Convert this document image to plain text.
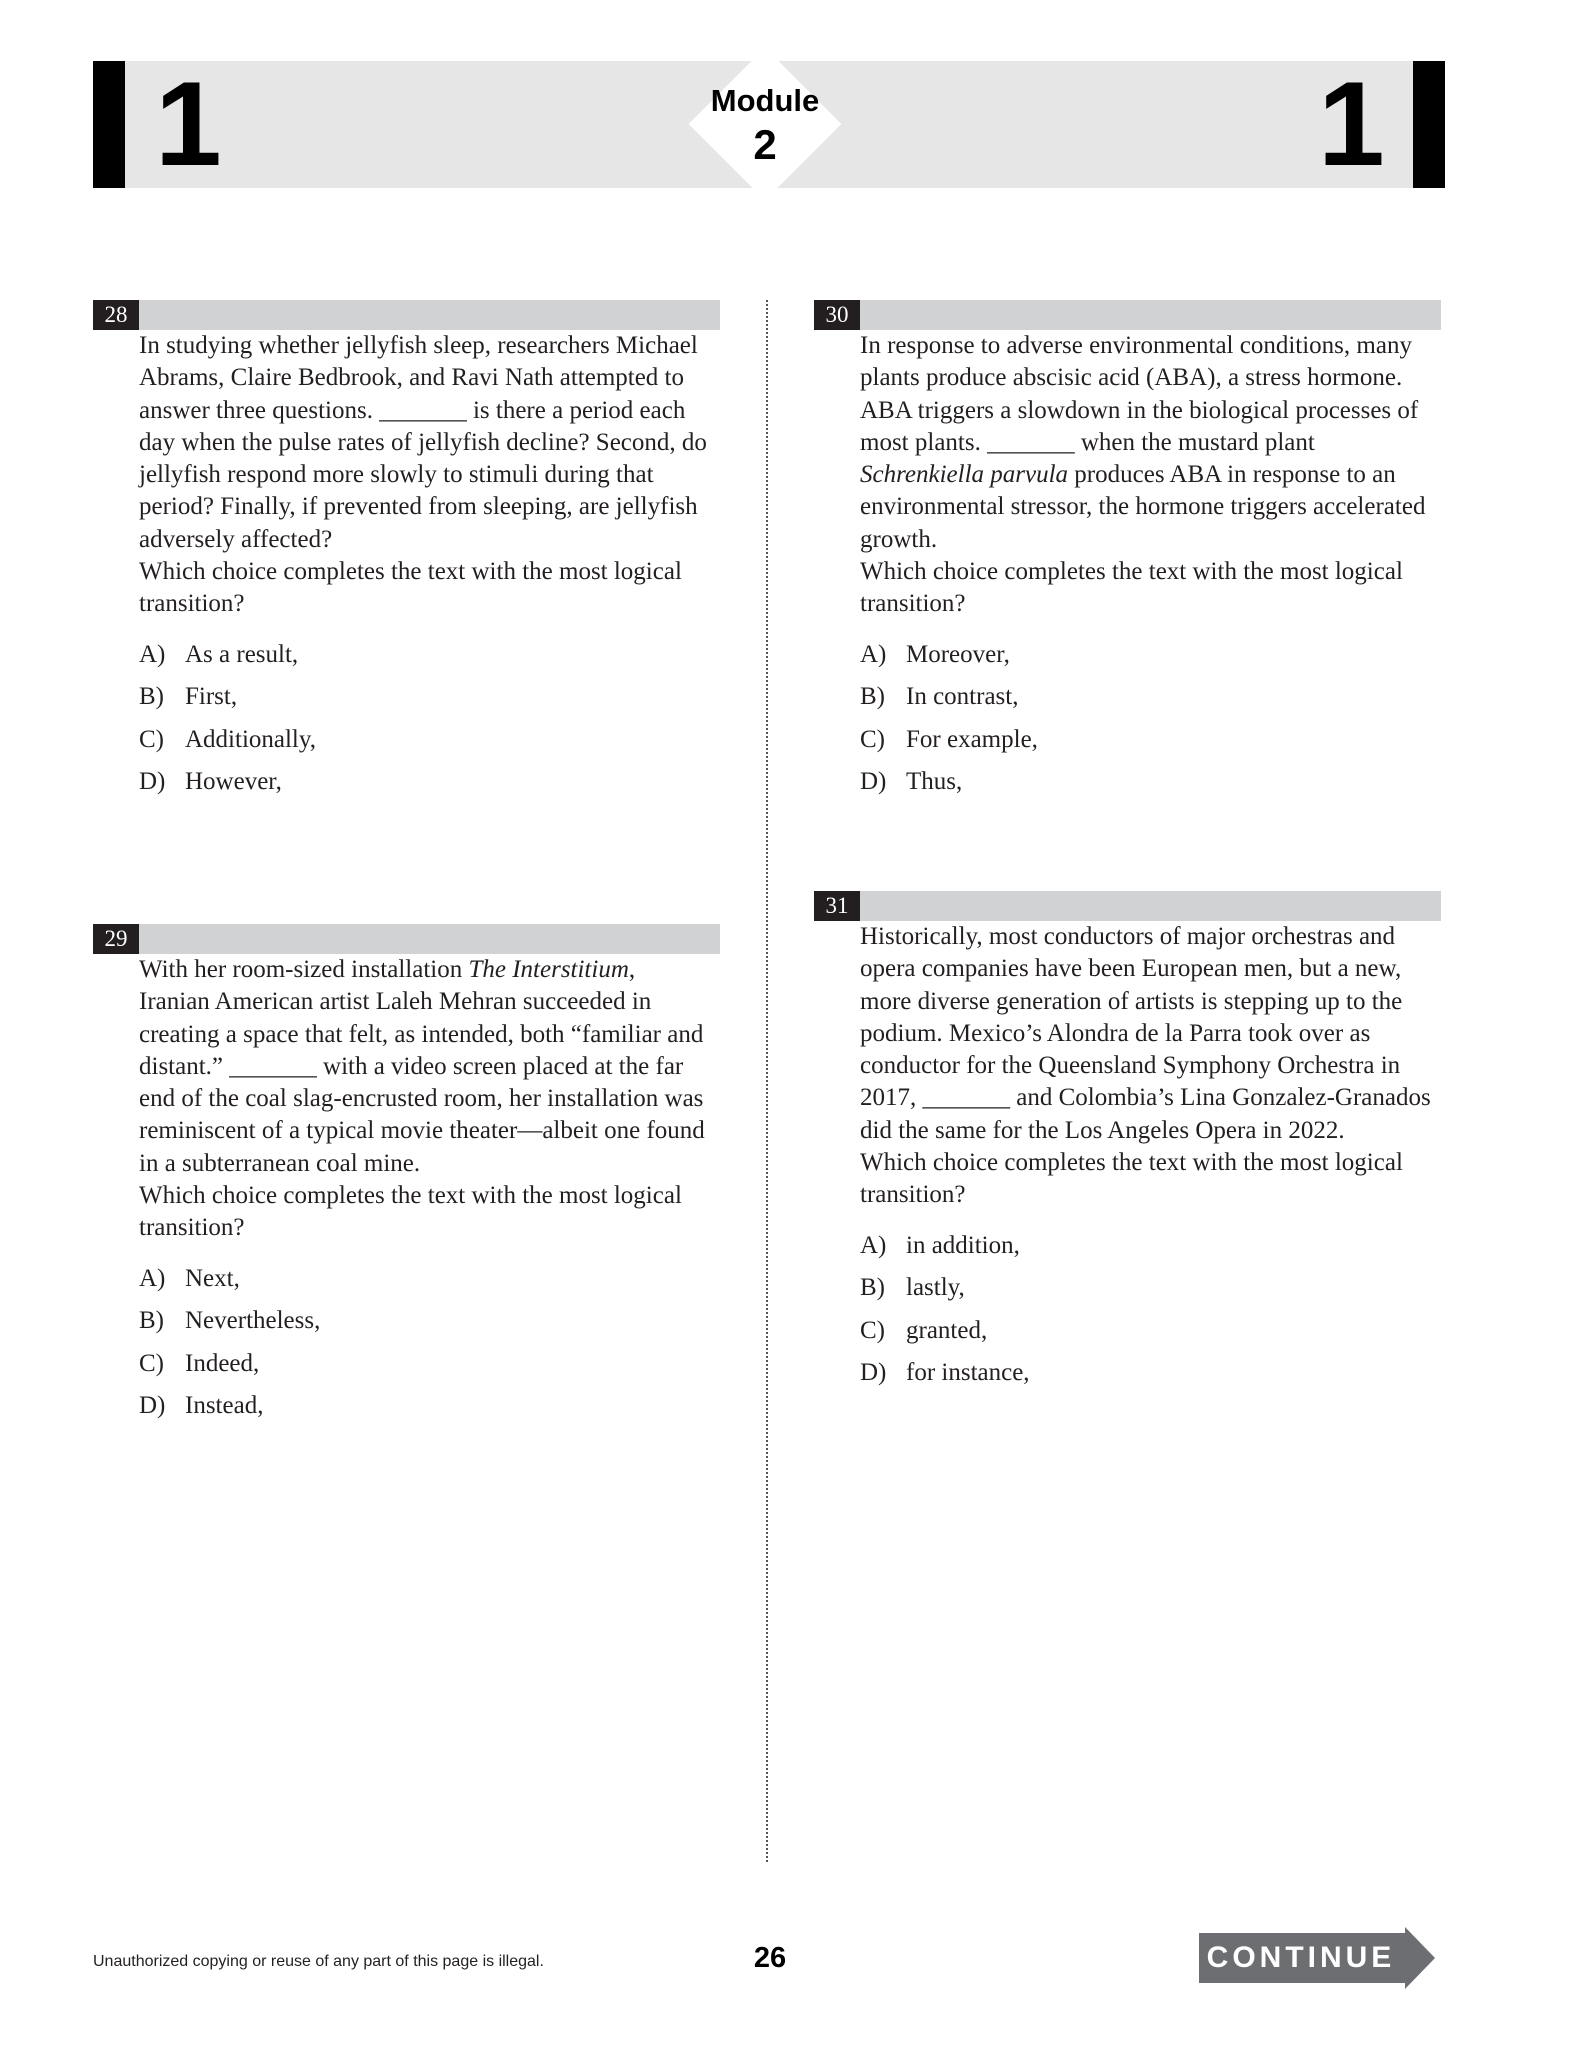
1	1
Module
2
28

In studying whether jellyfish sleep, researchers Michael Abrams, Claire Bedbrook, and Ravi Nath attempted to answer three questions. _______ is there a period each day when the pulse rates of jellyfish decline? Second, do jellyfish respond more slowly to stimuli during that period? Finally, if prevented from sleeping, are jellyfish adversely affected?

Which choice completes the text with the most logical transition?

A) As a result,
B) First,
C) Additionally,
D) However,
29

With her room-sized installation The Interstitium, Iranian American artist Laleh Mehran succeeded in creating a space that felt, as intended, both “familiar and distant.” _______ with a video screen placed at the far end of the coal slag-encrusted room, her installation was reminiscent of a typical movie theater—albeit one found in a subterranean coal mine.

Which choice completes the text with the most logical transition?

A) Next,
B) Nevertheless,
C) Indeed,
D) Instead,
30

In response to adverse environmental conditions, many plants produce abscisic acid (ABA), a stress hormone. ABA triggers a slowdown in the biological processes of most plants. _______ when the mustard plant Schrenkiella parvula produces ABA in response to an environmental stressor, the hormone triggers accelerated growth.

Which choice completes the text with the most logical transition?

A) Moreover,
B) In contrast,
C) For example,
D) Thus,
31

Historically, most conductors of major orchestras and opera companies have been European men, but a new, more diverse generation of artists is stepping up to the podium. Mexico’s Alondra de la Parra took over as conductor for the Queensland Symphony Orchestra in 2017, _______ and Colombia’s Lina Gonzalez-Granados did the same for the Los Angeles Opera in 2022.

Which choice completes the text with the most logical transition?

A) in addition,
B) lastly,
C) granted,
D) for instance,
Unauthorized copying or reuse of any part of this page is illegal.	26	CONTINUE
